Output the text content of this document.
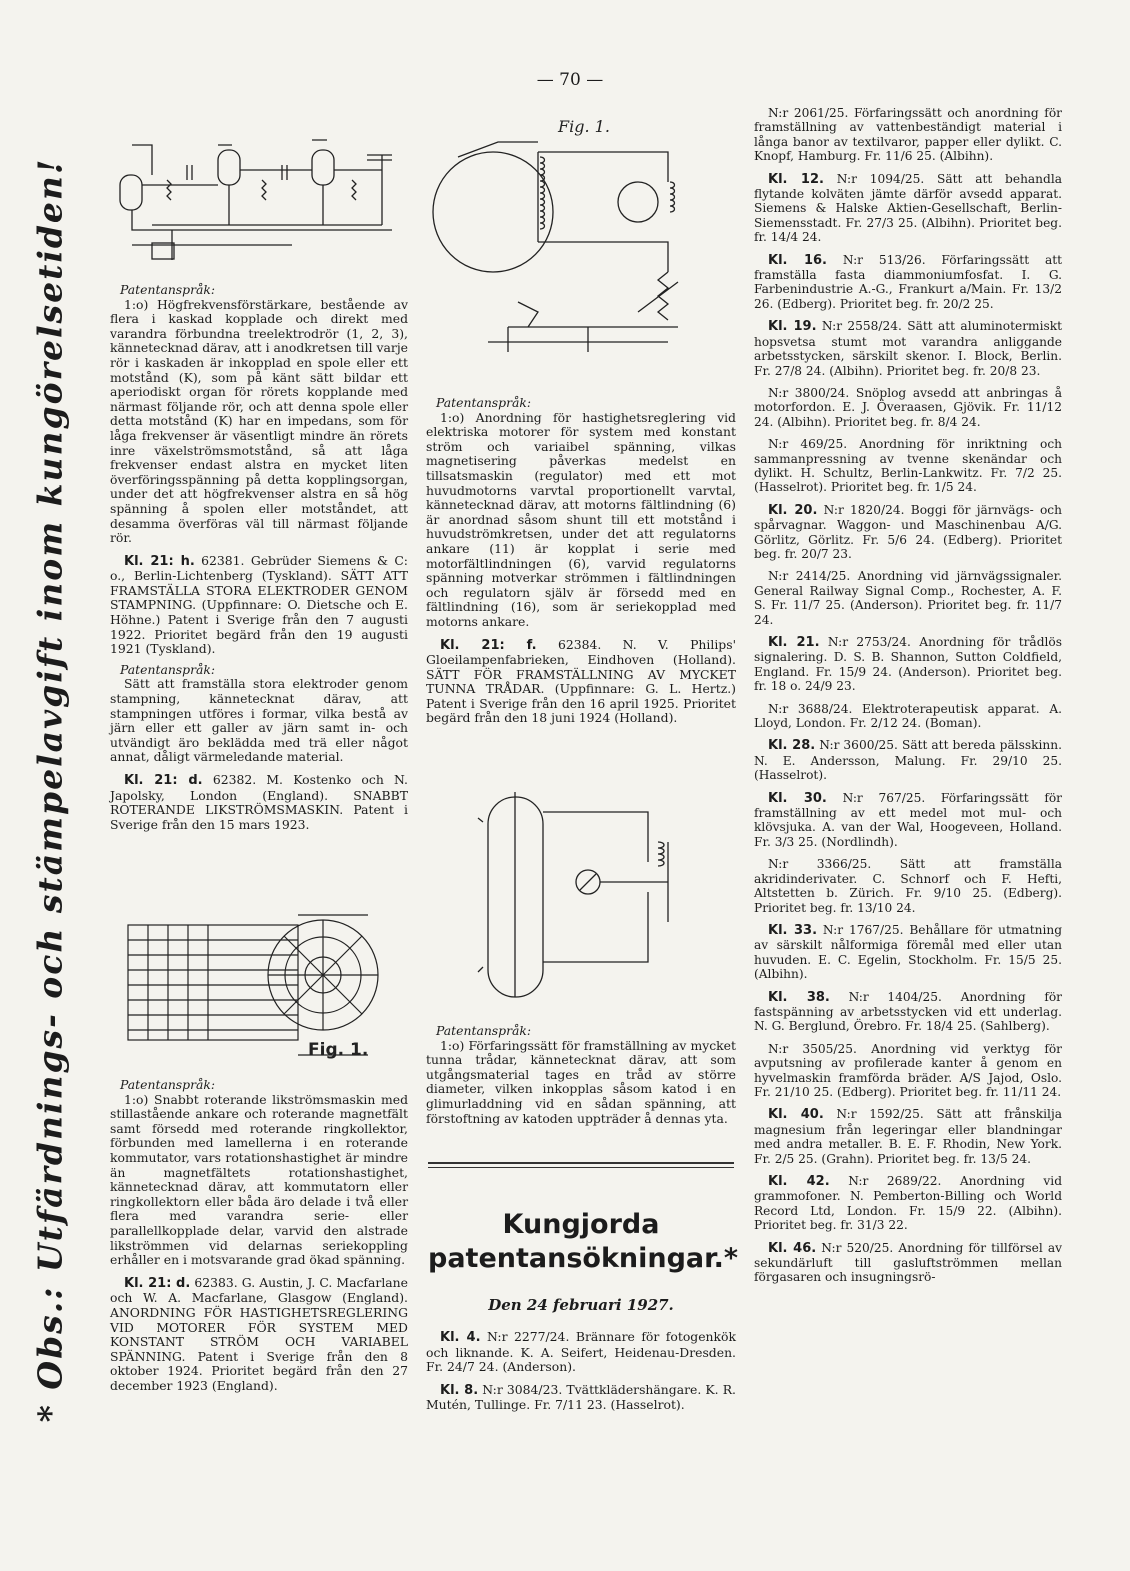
— 70 —
* Obs.: Utfärdnings- och stämpelavgift inom kungörelsetiden!	Patentanspråk:

1:o) Högfrekvensförstärkare, bestående av flera i kaskad kopplade och direkt med varandra förbundna treelektrodrör (1, 2, 3), kännetecknad därav, att i anodkretsen till varje rör i kaskaden är inkopplad en spole eller ett motstånd (K), som på känt sätt bildar ett aperiodiskt organ för rörets kopplande med närmast följande rör, och att denna spole eller detta motstånd (K) har en impedans, som för låga frekvenser är väsentligt mindre än rörets inre växelströmsmotstånd, så att låga frekvenser endast alstra en mycket liten överföringsspänning på detta kopplingsorgan, under det att högfrekvenser alstra en så hög spänning å spolen eller motståndet, att desamma överföras väl till närmast följande rör.

Kl. 21: h. 62381. Gebrüder Siemens & C: o., Berlin-Lichtenberg (Tyskland). SÄTT ATT FRAMSTÄLLA STORA ELEKTRODER GENOM STAMPNING. (Uppfinnare: O. Dietsche och E. Höhne.) Patent i Sverige från den 7 augusti 1922. Prioritet begärd från den 19 augusti 1921 (Tyskland).

Patentanspråk:

Sätt att framställa stora elektroder genom stampning, kännetecknat därav, att stampningen utföres i formar, vilka bestå av järn eller ett galler av järn samt in- och utvändigt äro beklädda med trä eller något annat, dåligt värmeledande material.

Kl. 21: d. 62382. M. Kostenko och N. Japolsky, London (England). SNABBT ROTERANDE LIKSTRÖMSMASKIN. Patent i Sverige från den 15 mars 1923.

Fig. 1.
Patentanspråk:

1:o) Snabbt roterande likströmsmaskin med stillastående ankare och roterande magnetfält samt försedd med roterande ringkollektor, förbunden med lamellerna i en roterande kommutator, vars rotationshastighet är mindre än magnetfältets rotationshastighet, kännetecknad därav, att kommutatorn eller ringkollektorn eller båda äro delade i två eller flera med varandra serie- eller parallellkopplade delar, varvid den alstrade likströmmen vid delarnas seriekoppling erhåller en i motsvarande grad ökad spänning.

Kl. 21: d. 62383. G. Austin, J. C. Macfarlane och W. A. Macfarlane, Glasgow (England). ANORDNING FÖR HASTIGHETSREGLERING VID MOTORER FÖR SYSTEM MED KONSTANT STRÖM OCH VARIABEL SPÄNNING. Patent i Sverige från den 8 oktober 1924. Prioritet begärd från den 27 december 1923 (England).

Fig. 1.
Patentanspråk:

1:o) Anordning för hastighetsreglering vid elektriska motorer för system med konstant ström och variaibel spänning, vilkas magnetisering påverkas medelst en tillsatsmaskin (regulator) med ett mot huvudmotorns varvtal proportionellt varvtal, kännetecknad därav, att motorns fältlindning (6) är anordnad såsom shunt till ett motstånd i huvudströmkretsen, under det att regulatorns ankare (11) är kopplat i serie med motorfältlindningen (6), varvid regulatorns spänning motverkar strömmen i fältlindningen och regulatorn själv är försedd med en fältlindning (16), som är seriekopplad med motorns ankare.

Kl. 21: f. 62384. N. V. Philips' Gloeilampenfabrieken, Eindhoven (Holland). SÄTT FÖR FRAMSTÄLLNING AV MYCKET TUNNA TRÅDAR. (Uppfinnare: G. L. Hertz.) Patent i Sverige från den 16 april 1925. Prioritet begärd från den 18 juni 1924 (Holland).

Patentanspråk:

1:o) Förfaringssätt för framställning av mycket tunna trådar, kännetecknat därav, att som utgångsmaterial tages en tråd av större diameter, vilken inkopplas såsom katod i en glimurladdning vid en sådan spänning, att förstoftning av katoden uppträder å dennas yta.

Kungjorda patentansökningar.*
Den 24 februari 1927.

Kl. 4. N:r 2277/24. Brännare för fotogenkök och liknande. K. A. Seifert, Heidenau-Dresden. Fr. 24/7 24. (Anderson).

Kl. 8. N:r 3084/23. Tvättklädershängare. K. R. Mutén, Tullinge. Fr. 7/11 23. (Hasselrot).

N:r 2061/25. Förfaringssätt och anordning för framställning av vattenbeständigt material i långa banor av textilvaror, papper eller dylikt. C. Knopf, Hamburg. Fr. 11/6 25. (Albihn).

Kl. 12. N:r 1094/25. Sätt att behandla flytande kolväten jämte därför avsedd apparat. Siemens & Halske Aktien-Gesellschaft, Berlin-Siemensstadt. Fr. 27/3 25. (Albihn). Prioritet beg. fr. 14/4 24.

Kl. 16. N:r 513/26. Förfaringssätt att framställa fasta diammoniumfosfat. I. G. Farbenindustrie A.-G., Frankurt a/Main. Fr. 13/2 26. (Edberg). Prioritet beg. fr. 20/2 25.

Kl. 19. N:r 2558/24. Sätt att aluminotermiskt hopsvetsa stumt mot varandra anliggande arbetsstycken, särskilt skenor. I. Block, Berlin. Fr. 27/8 24. (Albihn). Prioritet beg. fr. 20/8 23.

N:r 3800/24. Snöplog avsedd att anbringas å motorfordon. E. J. Överaasen, Gjövik. Fr. 11/12 24. (Albihn). Prioritet beg. fr. 8/4 24.

N:r 469/25. Anordning för inriktning och sammanpressning av tvenne skenändar och dylikt. H. Schultz, Berlin-Lankwitz. Fr. 7/2 25. (Hasselrot). Prioritet beg. fr. 1/5 24.

Kl. 20. N:r 1820/24. Boggi för järnvägs- och spårvagnar. Waggon- und Maschinenbau A/G. Görlitz, Görlitz. Fr. 5/6 24. (Edberg). Prioritet beg. fr. 20/7 23.

N:r 2414/25. Anordning vid järnvägssignaler. General Railway Signal Comp., Rochester, A. F. S. Fr. 11/7 25. (Anderson). Prioritet beg. fr. 11/7 24.

Kl. 21. N:r 2753/24. Anordning för trådlös signalering. D. S. B. Shannon, Sutton Coldfield, England. Fr. 15/9 24. (Anderson). Prioritet beg. fr. 18 o. 24/9 23.

N:r 3688/24. Elektroterapeutisk apparat. A. Lloyd, London. Fr. 2/12 24. (Boman).

Kl. 28. N:r 3600/25. Sätt att bereda pälsskinn. N. E. Andersson, Malung. Fr. 29/10 25. (Hasselrot).

Kl. 30. N:r 767/25. Förfaringssätt för framställning av ett medel mot mul- och klövsjuka. A. van der Wal, Hoogeveen, Holland. Fr. 3/3 25. (Nordlindh).

N:r 3366/25. Sätt att framställa akridinderivater. C. Schnorf och F. Hefti, Altstetten b. Zürich. Fr. 9/10 25. (Edberg). Prioritet beg. fr. 13/10 24.

Kl. 33. N:r 1767/25. Behållare för utmatning av särskilt nålformiga föremål med eller utan huvuden. E. C. Egelin, Stockholm. Fr. 15/5 25. (Albihn).

Kl. 38. N:r 1404/25. Anordning för fastspänning av arbetsstycken vid ett underlag. N. G. Berglund, Örebro. Fr. 18/4 25. (Sahlberg).

N:r 3505/25. Anordning vid verktyg för avputsning av profilerade kanter å genom en hyvelmaskin framförda bräder. A/S Jajod, Oslo. Fr. 21/10 25. (Edberg). Prioritet beg. fr. 11/11 24.

Kl. 40. N:r 1592/25. Sätt att frånskilja magnesium från legeringar eller blandningar med andra metaller. B. E. F. Rhodin, New York. Fr. 2/5 25. (Grahn). Prioritet beg. fr. 13/5 24.

Kl. 42. N:r 2689/22. Anordning vid grammofoner. N. Pemberton-Billing och World Record Ltd, London. Fr. 15/9 22. (Albihn). Prioritet beg. fr. 31/3 22.

Kl. 46. N:r 520/25. Anordning för tillförsel av sekundärluft till gasluftströmmen mellan förgasaren och insugningsrö-
